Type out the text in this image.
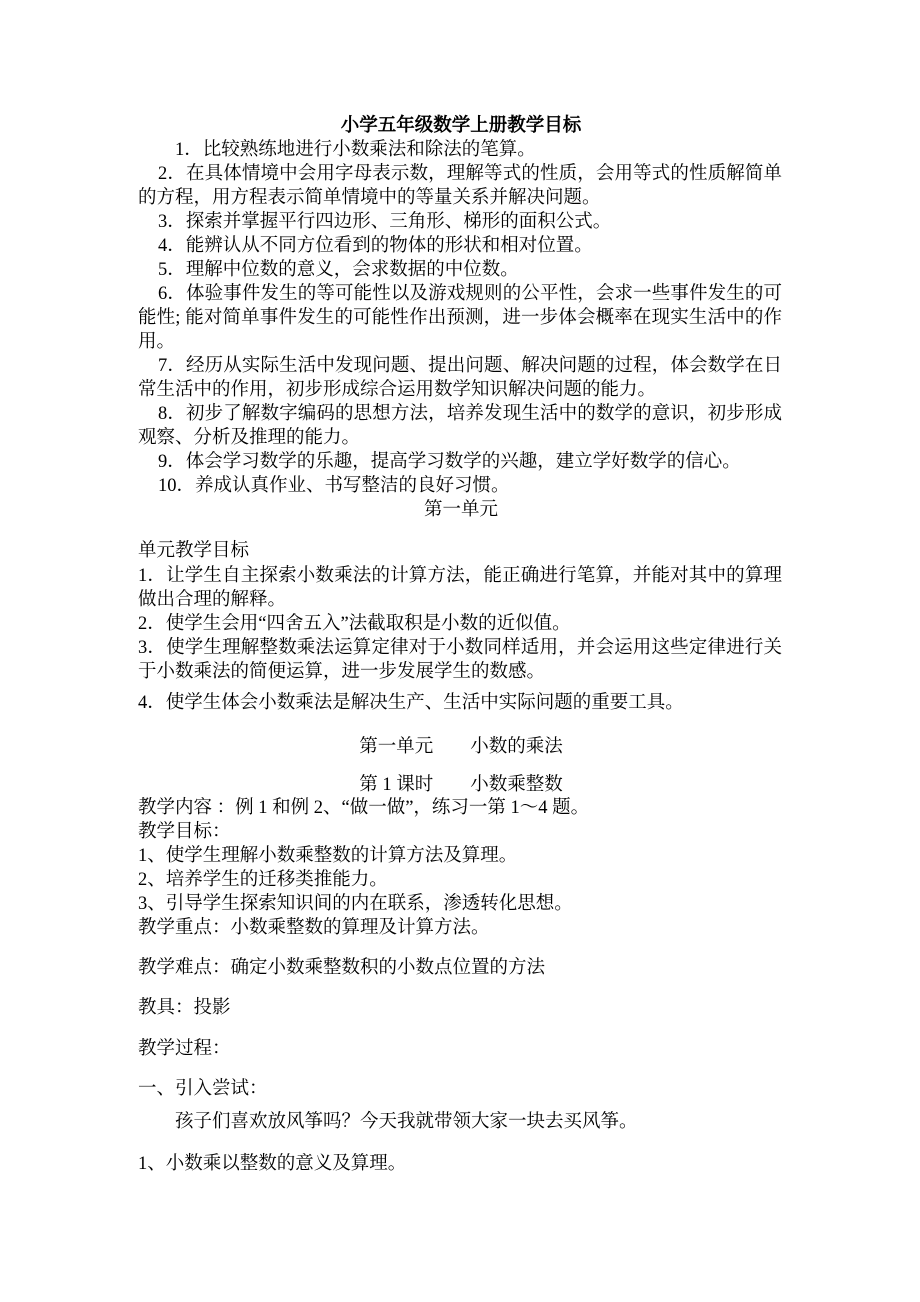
小学五年级数学上册教学目标
1．比较熟练地进行小数乘法和除法的笔算。
2．在具体情境中会用字母表示数，理解等式的性质，会用等式的性质解简单
的方程，用方程表示简单情境中的等量关系并解决问题。
3．探索并掌握平行四边形、三角形、梯形的面积公式。
4．能辨认从不同方位看到的物体的形状和相对位置。
5．理解中位数的意义，会求数据的中位数。
6．体验事件发生的等可能性以及游戏规则的公平性，会求一些事件发生的可
能性; 能对简单事件发生的可能性作出预测，进一步体会概率在现实生活中的作
用。
7．经历从实际生活中发现问题、提出问题、解决问题的过程，体会数学在日
常生活中的作用，初步形成综合运用数学知识解决问题的能力。
8．初步了解数字编码的思想方法，培养发现生活中的数学的意识，初步形成
观察、分析及推理的能力。
9．体会学习数学的乐趣，提高学习数学的兴趣，建立学好数学的信心。
10．养成认真作业、书写整洁的良好习惯。
第一单元
单元教学目标
1．让学生自主探索小数乘法的计算方法，能正确进行笔算，并能对其中的算理
做出合理的解释。
2．使学生会用“四舍五入”法截取积是小数的近似值。
3．使学生理解整数乘法运算定律对于小数同样适用，并会运用这些定律进行关
于小数乘法的简便运算，进一步发展学生的数感。
4．使学生体会小数乘法是解决生产、生活中实际问题的重要工具。
第一单元　　小数的乘法
第 1 课时　　小数乘整数
教学内容 ：例 1 和例 2、“做一做”，练习一第 1～4 题。
教学目标：
1、使学生理解小数乘整数的计算方法及算理。
2、培养学生的迁移类推能力。
3、引导学生探索知识间的内在联系，渗透转化思想。
教学重点：小数乘整数的算理及计算方法。
教学难点：确定小数乘整数积的小数点位置的方法
教具：投影
教学过程：
一、引入尝试：
孩子们喜欢放风筝吗？今天我就带领大家一块去买风筝。
1、小数乘以整数的意义及算理。
